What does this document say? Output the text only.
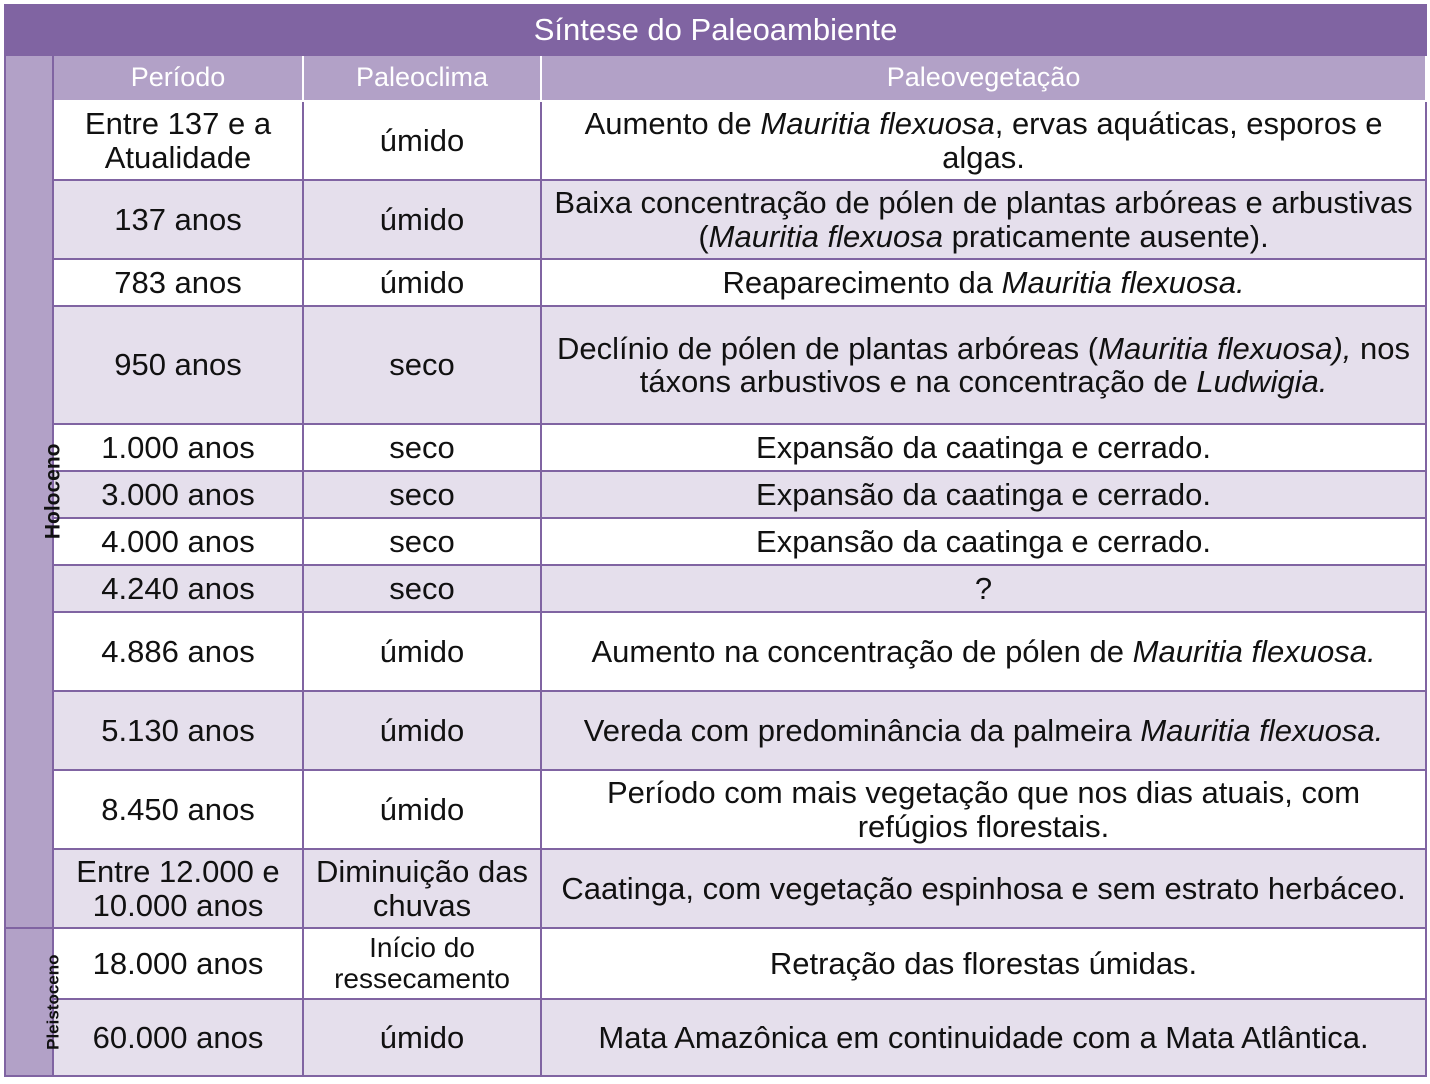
Síntese do Paleoambiente			
Holoceno	Período	Paleoclima	Paleovegetação
	Entre 137 e a Atualidade	úmido	Aumento de Mauritia flexuosa, ervas aquáticas, esporos e algas.
	137 anos	úmido	Baixa concentração de pólen de plantas arbóreas e arbustivas (Mauritia flexuosa praticamente ausente).
	783 anos	úmido	Reaparecimento da Mauritia flexuosa.
	950 anos	seco	Declínio de pólen de plantas arbóreas (Mauritia flexuosa), nos táxons arbustivos e na concentração de Ludwigia.
	1.000 anos	seco	Expansão da caatinga e cerrado.
	3.000 anos	seco	Expansão da caatinga e cerrado.
	4.000 anos	seco	Expansão da caatinga e cerrado.
	4.240 anos	seco	?
	4.886 anos	úmido	Aumento na concentração de pólen de Mauritia flexuosa.
	5.130 anos	úmido	Vereda com predominância da palmeira Mauritia flexuosa.
	8.450 anos	úmido	Período com mais vegetação que nos dias atuais, com refúgios florestais.
	Entre 12.000 e 10.000 anos	Diminuição das chuvas	Caatinga, com vegetação espinhosa e sem estrato herbáceo.
Pleistoceno	18.000 anos	Início do ressecamento	Retração das florestas úmidas.
	60.000 anos	úmido	Mata Amazônica em continuidade com a Mata Atlântica.
